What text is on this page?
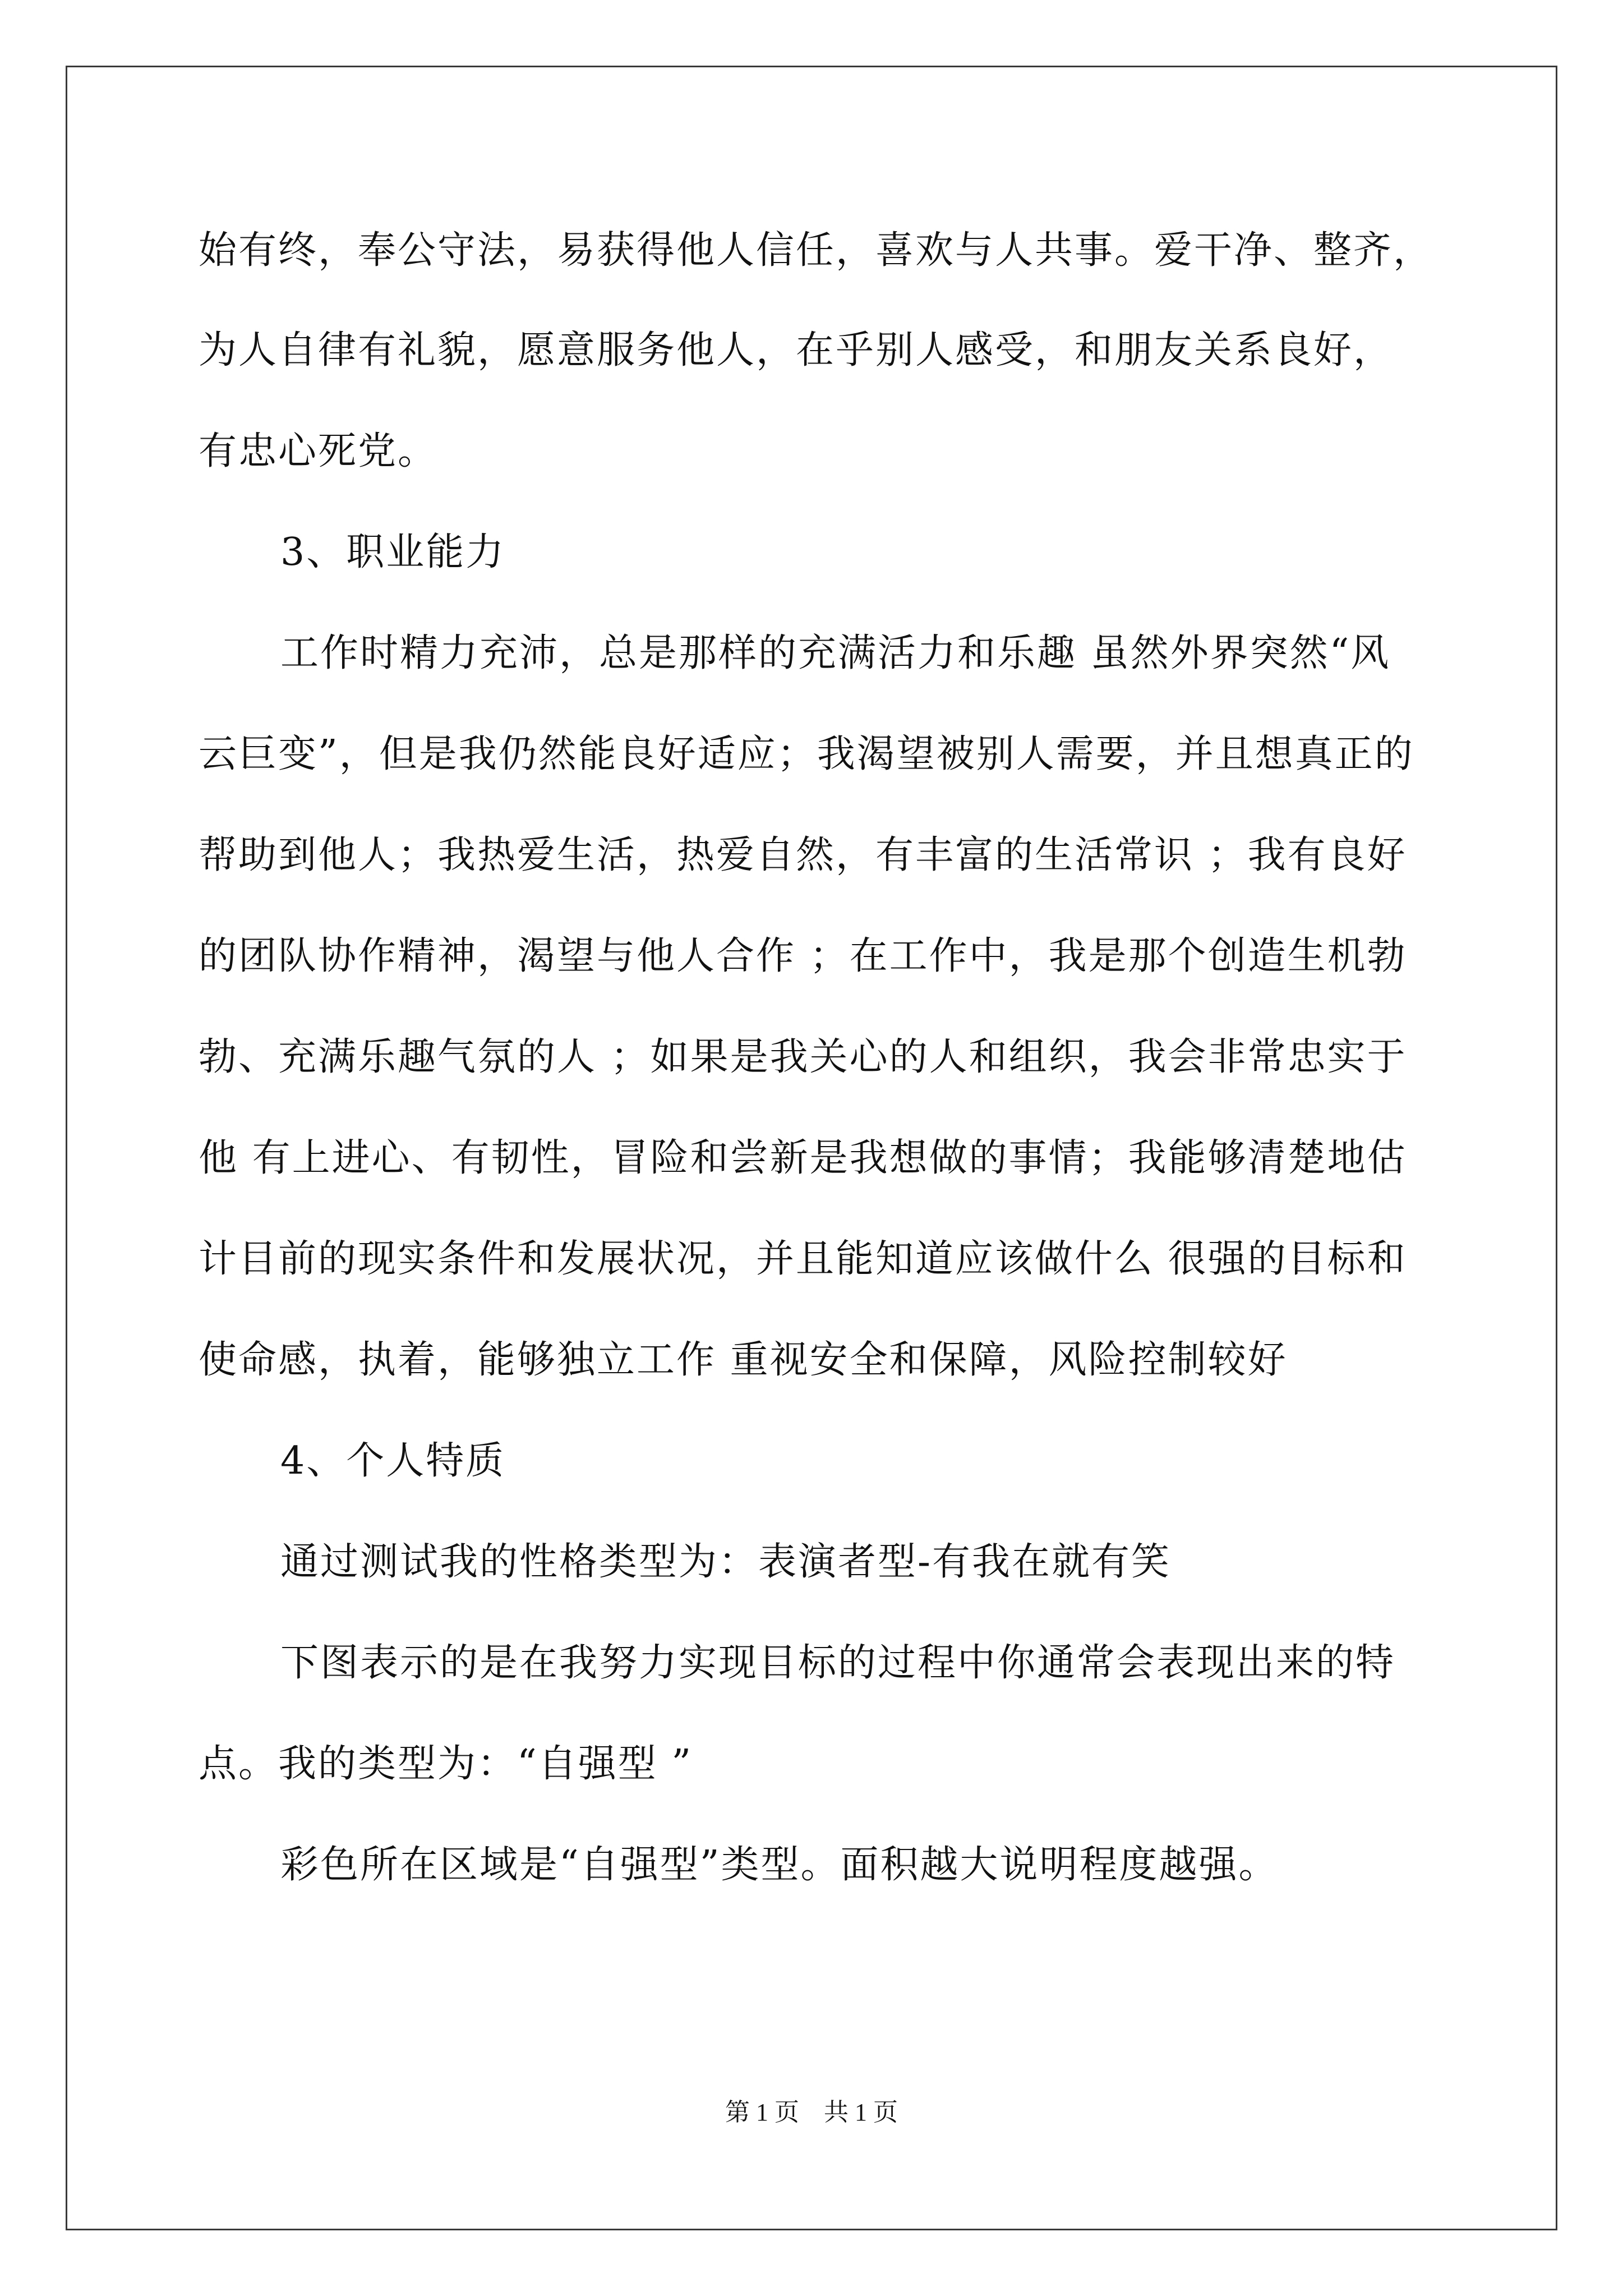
始有终，奉公守法，易获得他人信任，喜欢与人共事。爱干净、整齐，
为人自律有礼貌，愿意服务他人，在乎别人感受，和朋友关系良好，
有忠心死党。
3、职业能力
工作时精力充沛，总是那样的充满活力和乐趣 虽然外界突然“风
云巨变”，但是我仍然能良好适应；我渴望被别人需要，并且想真正的
帮助到他人；我热爱生活，热爱自然，有丰富的生活常识 ；我有良好
的团队协作精神，渴望与他人合作 ；在工作中，我是那个创造生机勃
勃、充满乐趣气氛的人 ；如果是我关心的人和组织，我会非常忠实于
他 有上进心、有韧性，冒险和尝新是我想做的事情；我能够清楚地估
计目前的现实条件和发展状况，并且能知道应该做什么 很强的目标和
使命感，执着，能够独立工作 重视安全和保障，风险控制较好
4、个人特质
通过测试我的性格类型为：表演者型-有我在就有笑
下图表示的是在我努力实现目标的过程中你通常会表现出来的特
点。我的类型为：“自强型 ”
彩色所在区域是“自强型”类型。面积越大说明程度越强。
第 1 页 共 1 页
